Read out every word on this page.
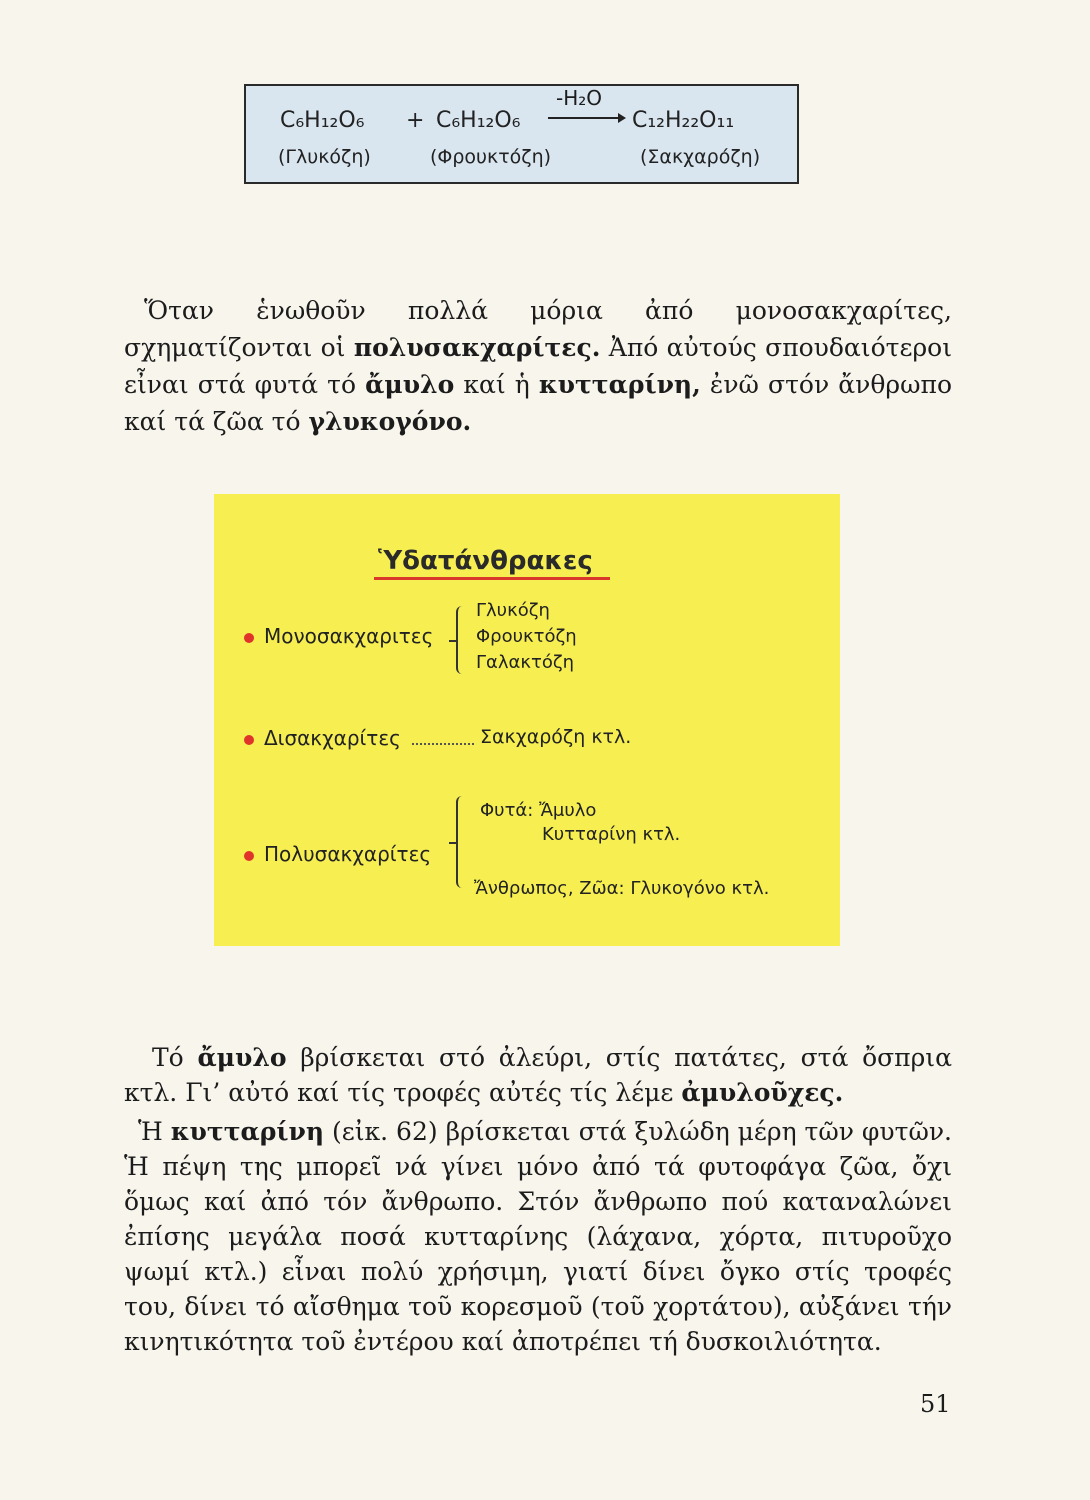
C₆H₁₂O₆ + C₆H₁₂O₆
-H₂O
C₁₂H₂₂O₁₁
(Γλυκόζη)	(Φρουκτόζη)	(Σακχαρόζη)
Ὅταν ἑνωθοῦν πολλά μόρια ἀπό μονοσακχαρίτες, σχηματίζονται οἱ πολυσακχαρίτες. Ἀπό αὐτούς σπουδαιότεροι εἶναι στά φυτά τό ἄμυλο καί ἡ κυτταρίνη, ἐνῶ στόν ἄνθρωπο καί τά ζῶα τό γλυκογόνο.
Ὑδατάνθρακες
Μονοσακχαριτες
Γλυκόζη
Φρουκτόζη
Γαλακτόζη
Δισακχαρίτες	Σακχαρόζη κτλ.
Πολυσακχαρίτες
Φυτά: Ἄμυλο
Κυτταρίνη κτλ.
Ἄνθρωπος, Ζῶα: Γλυκογόνο κτλ.
Τό ἄμυλο βρίσκεται στό ἀλεύρι, στίς πατάτες, στά ὄσπρια κτλ. Γι’ αὐτό καί τίς τροφές αὐτές τίς λέμε ἀμυλοῦχες.
Ἡ κυτταρίνη (εἰκ. 62) βρίσκεται στά ξυλώδη μέρη τῶν φυτῶν. Ἡ πέψη της μπορεῖ νά γίνει μόνο ἀπό τά φυτοφάγα ζῶα, ὄχι ὅμως καί ἀπό τόν ἄνθρωπο. Στόν ἄνθρωπο πού καταναλώνει ἐπίσης μεγάλα ποσά κυτταρίνης (λάχανα, χόρτα, πιτυροῦχο ψωμί κτλ.) εἶναι πολύ χρήσιμη, γιατί δίνει ὄγκο στίς τροφές του, δίνει τό αἴσθημα τοῦ κορεσμοῦ (τοῦ χορτάτου), αὐξάνει τήν κινητικότητα τοῦ ἐντέρου καί ἀποτρέπει τή δυσκοιλιότητα.
51
